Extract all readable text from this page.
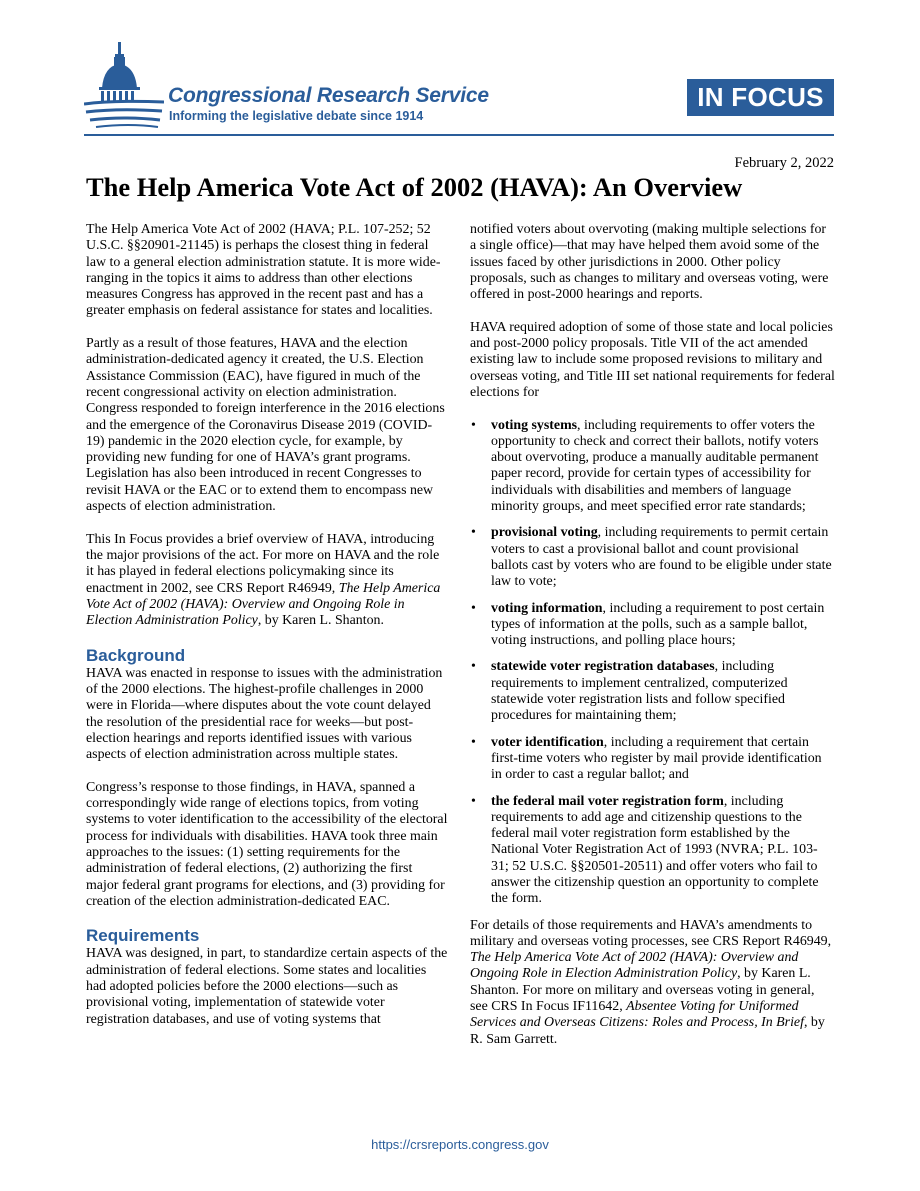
Congressional Research Service
Informing the legislative debate since 1914
IN FOCUS
February 2, 2022
The Help America Vote Act of 2002 (HAVA): An Overview

The Help America Vote Act of 2002 (HAVA; P.L. 107-252; 52 U.S.C. §§20901-21145) is perhaps the closest thing in federal law to a general election administration statute. It is more wide-ranging in the topics it aims to address than other elections measures Congress has approved in the recent past and has a greater emphasis on federal assistance for states and localities.

Partly as a result of those features, HAVA and the election administration-dedicated agency it created, the U.S. Election Assistance Commission (EAC), have figured in much of the recent congressional activity on election administration. Congress responded to foreign interference in the 2016 elections and the emergence of the Coronavirus Disease 2019 (COVID-19) pandemic in the 2020 election cycle, for example, by providing new funding for one of HAVA’s grant programs. Legislation has also been introduced in recent Congresses to revisit HAVA or the EAC or to extend them to encompass new aspects of election administration.

This In Focus provides a brief overview of HAVA, introducing the major provisions of the act. For more on HAVA and the role it has played in federal elections policymaking since its enactment in 2002, see CRS Report R46949, The Help America Vote Act of 2002 (HAVA): Overview and Ongoing Role in Election Administration Policy, by Karen L. Shanton.

Background

HAVA was enacted in response to issues with the administration of the 2000 elections. The highest-profile challenges in 2000 were in Florida—where disputes about the vote count delayed the resolution of the presidential race for weeks—but post-election hearings and reports identified issues with various aspects of election administration across multiple states.

Congress’s response to those findings, in HAVA, spanned a correspondingly wide range of elections topics, from voting systems to voter identification to the accessibility of the electoral process for individuals with disabilities. HAVA took three main approaches to the issues: (1) setting requirements for the administration of federal elections, (2) authorizing the first major federal grant programs for elections, and (3) providing for creation of the election administration-dedicated EAC.

Requirements

HAVA was designed, in part, to standardize certain aspects of the administration of federal elections. Some states and localities had adopted policies before the 2000 elections—such as provisional voting, implementation of statewide voter registration databases, and use of voting systems that

notified voters about overvoting (making multiple selections for a single office)—that may have helped them avoid some of the issues faced by other jurisdictions in 2000. Other policy proposals, such as changes to military and overseas voting, were offered in post-2000 hearings and reports.

HAVA required adoption of some of those state and local policies and post-2000 policy proposals. Title VII of the act amended existing law to include some proposed revisions to military and overseas voting, and Title III set national requirements for federal elections for

• voting systems, including requirements to offer voters the opportunity to check and correct their ballots, notify voters about overvoting, produce a manually auditable permanent paper record, provide for certain types of accessibility for individuals with disabilities and members of language minority groups, and meet specified error rate standards;
• provisional voting, including requirements to permit certain voters to cast a provisional ballot and count provisional ballots cast by voters who are found to be eligible under state law to vote;
• voting information, including a requirement to post certain types of information at the polls, such as a sample ballot, voting instructions, and polling place hours;
• statewide voter registration databases, including requirements to implement centralized, computerized statewide voter registration lists and follow specified procedures for maintaining them;
• voter identification, including a requirement that certain first-time voters who register by mail provide identification in order to cast a regular ballot; and
• the federal mail voter registration form, including requirements to add age and citizenship questions to the federal mail voter registration form established by the National Voter Registration Act of 1993 (NVRA; P.L. 103-31; 52 U.S.C. §§20501-20511) and offer voters who fail to answer the citizenship question an opportunity to complete the form.

For details of those requirements and HAVA’s amendments to military and overseas voting processes, see CRS Report R46949, The Help America Vote Act of 2002 (HAVA): Overview and Ongoing Role in Election Administration Policy, by Karen L. Shanton. For more on military and overseas voting in general, see CRS In Focus IF11642, Absentee Voting for Uniformed Services and Overseas Citizens: Roles and Process, In Brief, by R. Sam Garrett.

https://crsreports.congress.gov
